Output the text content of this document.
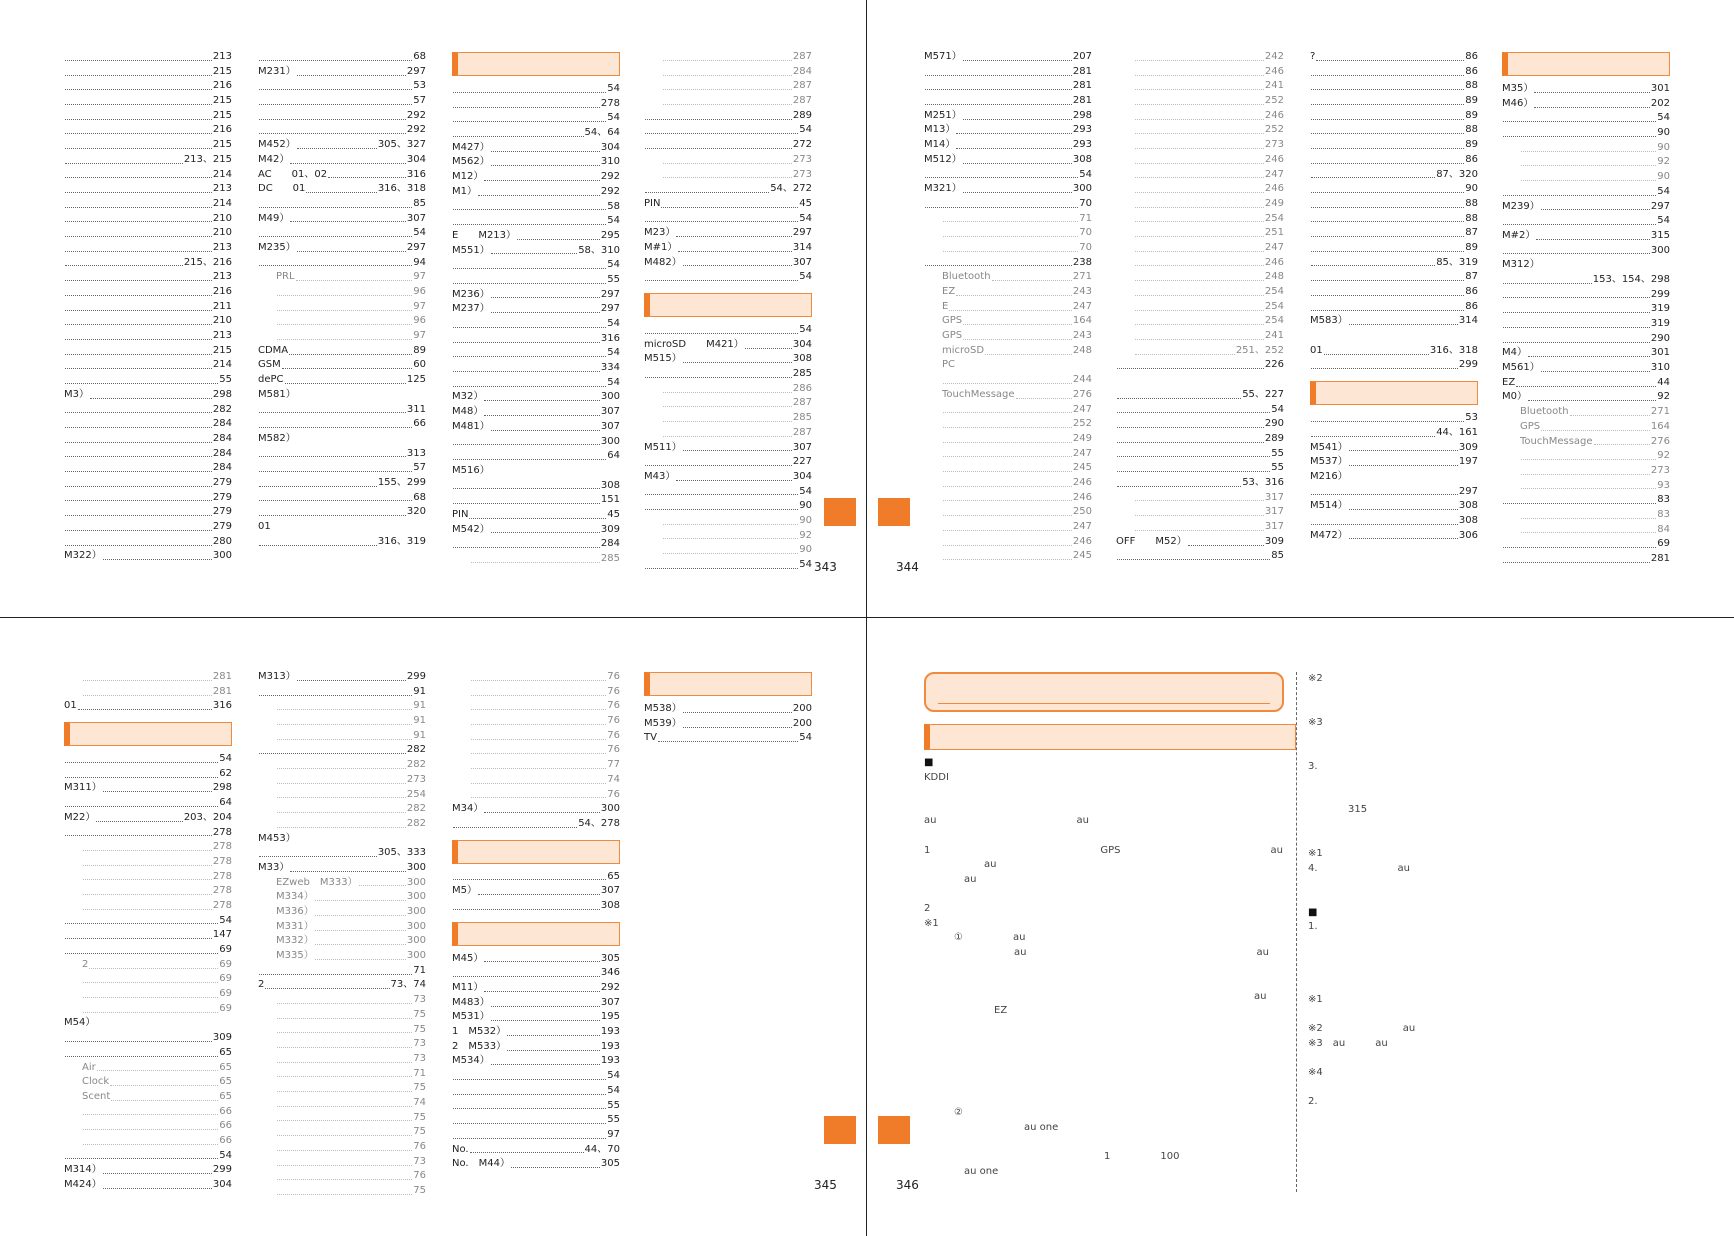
213
215
216
215
215
216
215
213、215
214
213
214
210
210
213
215、216
213
216
211
210
213
215
214
55
M3）	298
282
284
284
284
284
279
279
279
279
280
M322）	300
68
M231）	297
53
57
292
292
M452）	305、327
M42）	304
AC　　01、02	316
DC　　01	316、318
85
M49）	307
54
M235）	297
94
PRL	97
96
97
96
97
CDMA	89
GSM	60
dePC	125
M581）
311
66
M582）
313
57
155、299
68
320
01
316、319
54
278
54
54、64
M427）	304
M562）	310
M12）	292
M1）	292
58
54
E　　M213）	295
M551）	58、310
54
55
M236）	297
M237）	297
54
316
54
334
54
M32）	300
M48）	307
M481）	307
300
64
M516）
308
151
PIN	45
M542）	309
284
285
287
284
287
287
289
54
272
273
273
54、272
PIN	45
54
M23）	297
M#1）	314
M482）	307
54
54
microSD　　M421）	304
M515）	308
285
286
287
285
287
M511）	307
227
M43）	304
54
90
90
92
90
54 343
M571）	207
281
281
281
M251）	298
M13）	293
M14）	293
M512）	308
54
M321）	300
70
71
70
70
238
Bluetooth	271
EZ	243
E	247
GPS	164
GPS	243
microSD	248
PC
244
TouchMessage	276
247
252
249
247
245
246
246
250
247
246
245
242
246
241
252
246
252
273
246
247
246
249
254
251
247
246
248
254
254
254
241
251、252
226
55、227
54
290
289
55
55
53、316
317
317
317
OFF　　M52）	309
85
?	86
86
88
89
89
88
89
86
87、320
90
88
88
87
89
85、319
87
86
86
M583）	314
01	316、318
299
53
44、161
M541）	309
M537）	197
M216）
297
M514）	308
308
M472）	306
M35）	301
M46）	202
54
90
90
92
90
54
M239）	297
54
M#2）	315
300
M312）
153、154、298
299
319
319
290
M4）	301
M561）	310
EZ	44
M0）	92
Bluetooth	271
GPS	164
TouchMessage	276
92
273
93
83
83
84
69
281
344
281
281
01	316
54
62
M311）	298
64
M22）	203、204
278
278
278
278
278
278
54
147
69
2	69
69
69
69
M54）
309
65
Air	65
Clock	65
Scent	65
66
66
66
54
M314）	299
M424）	304
M313）	299
91
91
91
91
282
282
273
254
282
282
M453）
305、333
M33）	300
EZweb　M333）	300
M334）	300
M336）	300
M331）	300
M332）	300
M335）	300
71
2	73、74
73
75
75
73
73
71
75
74
75
75
76
73
76
75
76
76
76
76
76
76
77
74
76
M34）	300
54、278
65
M5）	307
308
M45）	305
346
M11）	292
M483）	307
M531）	195
1　M532）	193
2　M533）	193
M534）	193
54
54
55
55
97
No.	44、70
No.　M44）	305
M538）	200
M539）	200
TV	54
345
■
KDDI
au　　　　　　　　　　　　　　au
1　　　　　　　　　　　　　　　　　GPS　　　　　　　　　　　　　　　au
　　　　　　au
　　　　au
2
※1
　　　①　　　　　au
　　　　　　　　　au　　　　　　　　　　　　　　　　　　　　　　　au
　　　　　　　　　　　　　　　　　　　　　　　　　　　　　　　　　au
　　　　　　　EZ
　　　②
　　　　　　　　　　au one
　　　　　　　　　　　　　　　　　　1　　　　　100
　　　　au one
※2
※3
3.
　　　　315
※1
4.　　　　　　　　au
■
1.
※1
※2　　　　　　　　au
※3　au　　　au
※4
2.
346
